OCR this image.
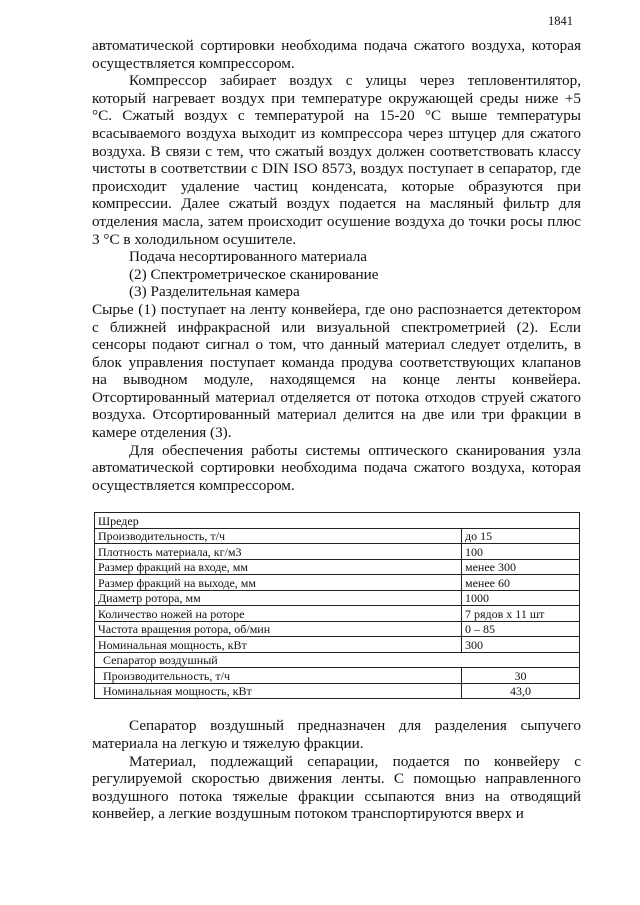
1841

автоматической сортировки необходима подача сжатого воздуха, которая осуществляется компрессором.

Компрессор забирает воздух с улицы через тепловентилятор, который нагревает воздух при температуре окружающей среды ниже +5 °С. Сжатый воздух с температурой на 15-20 °С выше температуры всасываемого воздуха выходит из компрессора через штуцер для сжатого воздуха. В связи с тем, что сжатый воздух должен соответствовать классу чистоты в соответствии с DIN ISO 8573, воздух поступает в сепаратор, где происходит удаление частиц конденсата, которые образуются при компрессии. Далее сжатый воздух подается на масляный фильтр для отделения масла, затем происходит осушение воздуха до точки росы плюс 3 °С в холодильном осушителе.

Подача несортированного материала

(2) Спектрометрическое сканирование

(3) Разделительная камера

Сырье (1) поступает на ленту конвейера, где оно распознается детектором с ближней инфракрасной или визуальной спектрометрией (2). Если сенсоры подают сигнал о том, что данный материал следует отделить, в блок управления поступает команда продува соответствующих клапанов на выводном модуле, находящемся на конце ленты конвейера. Отсортированный материал отделяется от потока отходов струей сжатого воздуха. Отсортированный материал делится на две или три фракции в камере отделения (3).

Для обеспечения работы системы оптического сканирования узла автоматической сортировки необходима подача сжатого воздуха, которая осуществляется компрессором.

Шредер	
Производительность, т/ч	до 15
Плотность материала, кг/м3	100
Размер фракций на входе, мм	менее 300
Размер фракций на выходе, мм	менее 60
Диаметр ротора, мм	1000
Количество ножей на роторе	7 рядов х 11 шт
Частота вращения ротора, об/мин	0 – 85
Номинальная мощность, кВт	300
Сепаратор воздушный	
Производительность, т/ч	30
Номинальная мощность, кВт	43,0

Сепаратор воздушный предназначен для разделения сыпучего материала на легкую и тяжелую фракции.

Материал, подлежащий сепарации, подается по конвейеру с регулируемой скоростью движения ленты. С помощью направленного воздушного потока тяжелые фракции ссыпаются вниз на отводящий конвейер, а легкие воздушным потоком транспортируются вверх и
